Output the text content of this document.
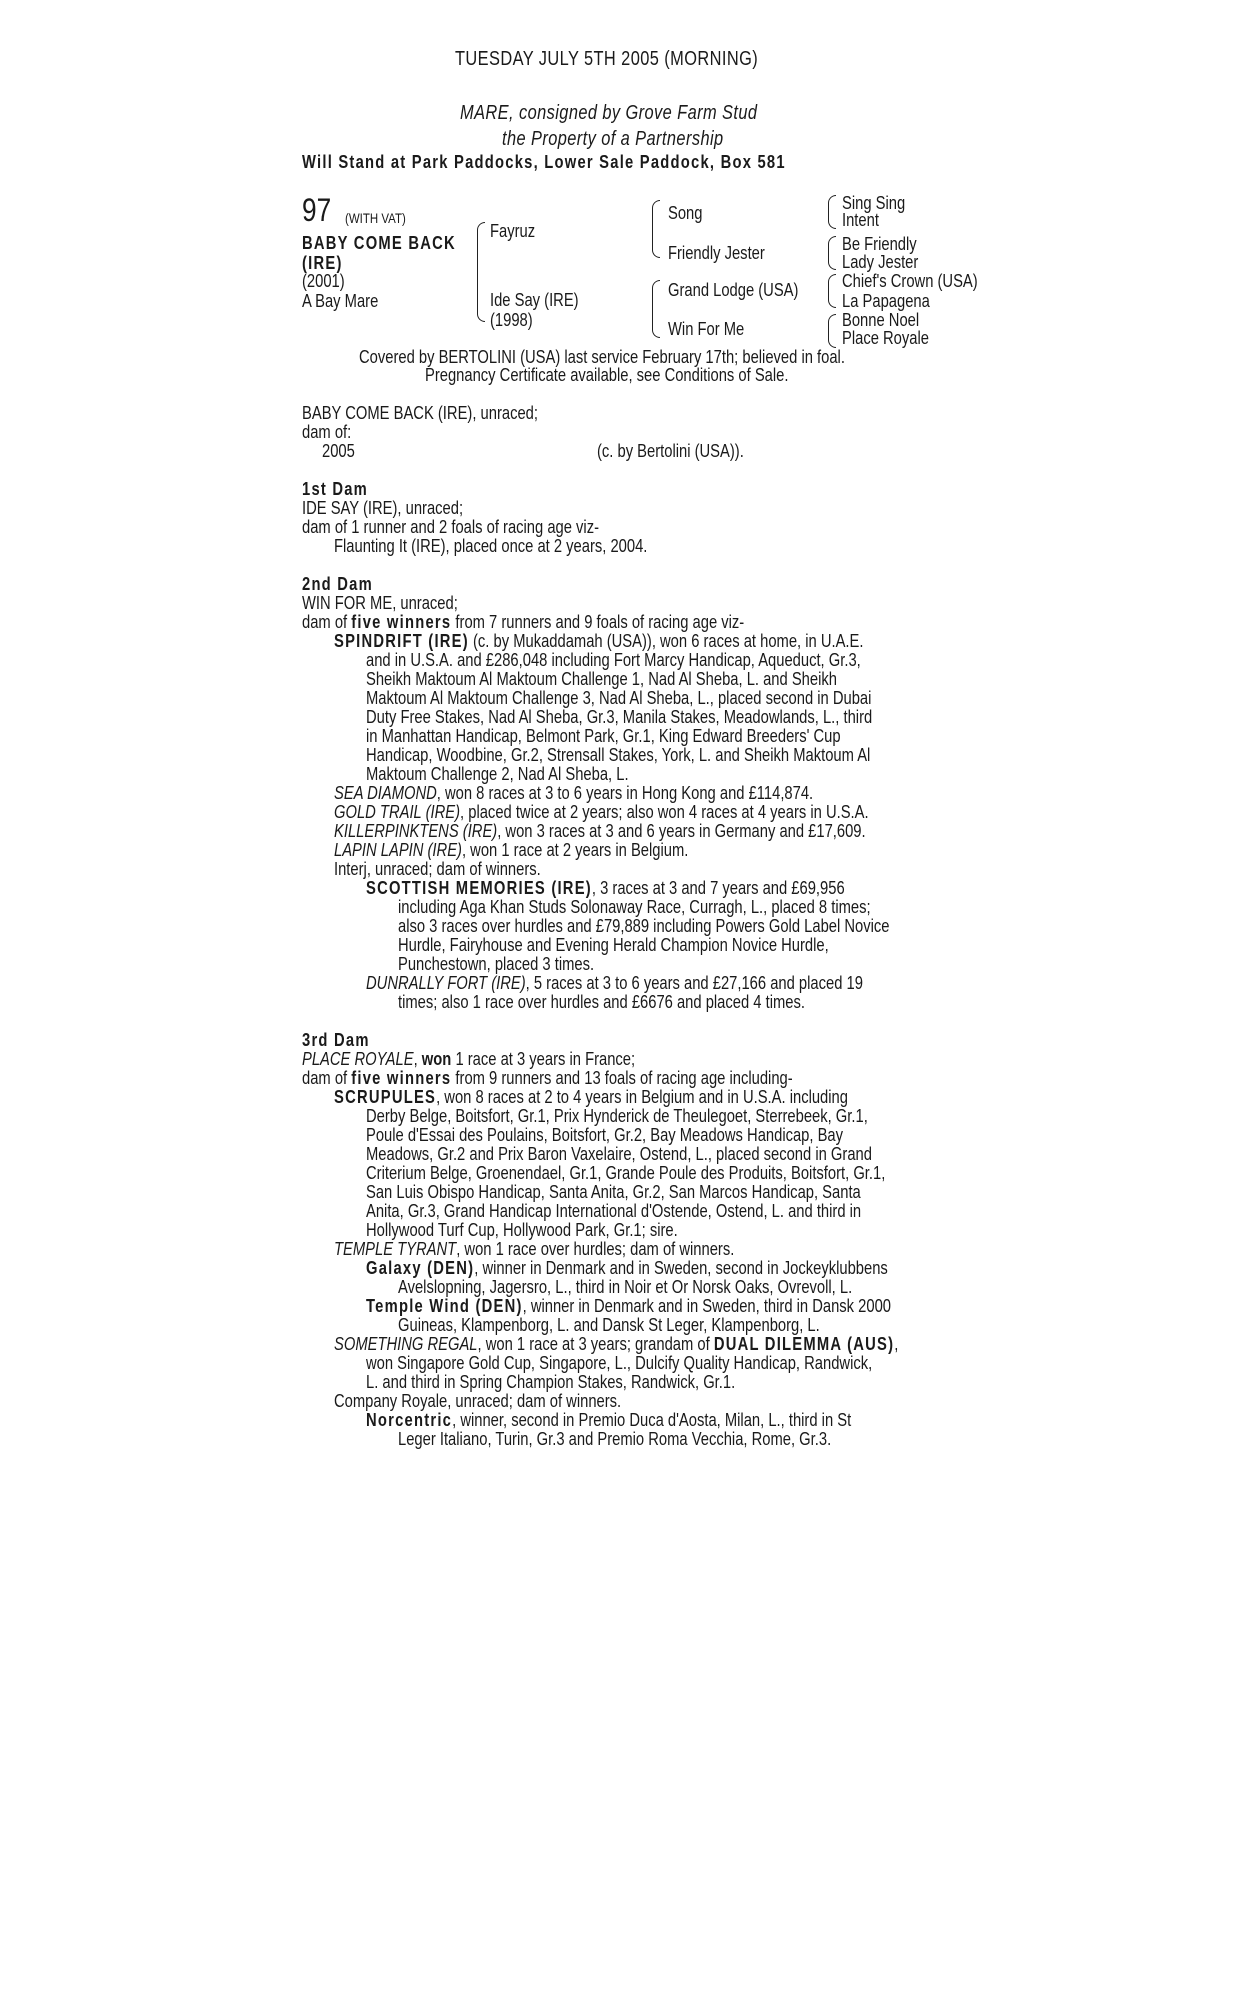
TUESDAY JULY 5TH 2005 (MORNING)
MARE, consigned by Grove Farm Stud
the Property of a Partnership
Will Stand at Park Paddocks, Lower Sale Paddock, Box 581
97 (WITH VAT)
BABY COME BACK
(IRE)
(2001)
A Bay Mare
Fayruz
Ide Say (IRE)
(1998)
Song
Friendly Jester
Grand Lodge (USA)
Win For Me
Sing Sing
Intent
Be Friendly
Lady Jester
Chief's Crown (USA)
La Papagena
Bonne Noel
Place Royale
Covered by BERTOLINI (USA) last service February 17th; believed in foal.
Pregnancy Certificate available, see Conditions of Sale.
BABY COME BACK (IRE), unraced;
dam of:
2005	(c. by Bertolini (USA)).
1st Dam
IDE SAY (IRE), unraced;
dam of 1 runner and 2 foals of racing age viz-
Flaunting It (IRE), placed once at 2 years, 2004.
2nd Dam
WIN FOR ME, unraced;
dam of five winners from 7 runners and 9 foals of racing age viz-
SPINDRIFT (IRE) (c. by Mukaddamah (USA)), won 6 races at home, in U.A.E.
and in U.S.A. and £286,048 including Fort Marcy Handicap, Aqueduct, Gr.3,
Sheikh Maktoum Al Maktoum Challenge 1, Nad Al Sheba, L. and Sheikh
Maktoum Al Maktoum Challenge 3, Nad Al Sheba, L., placed second in Dubai
Duty Free Stakes, Nad Al Sheba, Gr.3, Manila Stakes, Meadowlands, L., third
in Manhattan Handicap, Belmont Park, Gr.1, King Edward Breeders' Cup
Handicap, Woodbine, Gr.2, Strensall Stakes, York, L. and Sheikh Maktoum Al
Maktoum Challenge 2, Nad Al Sheba, L.
SEA DIAMOND, won 8 races at 3 to 6 years in Hong Kong and £114,874.
GOLD TRAIL (IRE), placed twice at 2 years; also won 4 races at 4 years in U.S.A.
KILLERPINKTENS (IRE), won 3 races at 3 and 6 years in Germany and £17,609.
LAPIN LAPIN (IRE), won 1 race at 2 years in Belgium.
Interj, unraced; dam of winners.
SCOTTISH MEMORIES (IRE), 3 races at 3 and 7 years and £69,956
including Aga Khan Studs Solonaway Race, Curragh, L., placed 8 times;
also 3 races over hurdles and £79,889 including Powers Gold Label Novice
Hurdle, Fairyhouse and Evening Herald Champion Novice Hurdle,
Punchestown, placed 3 times.
DUNRALLY FORT (IRE), 5 races at 3 to 6 years and £27,166 and placed 19
times; also 1 race over hurdles and £6676 and placed 4 times.
3rd Dam
PLACE ROYALE, won 1 race at 3 years in France;
dam of five winners from 9 runners and 13 foals of racing age including-
SCRUPULES, won 8 races at 2 to 4 years in Belgium and in U.S.A. including
Derby Belge, Boitsfort, Gr.1, Prix Hynderick de Theulegoet, Sterrebeek, Gr.1,
Poule d'Essai des Poulains, Boitsfort, Gr.2, Bay Meadows Handicap, Bay
Meadows, Gr.2 and Prix Baron Vaxelaire, Ostend, L., placed second in Grand
Criterium Belge, Groenendael, Gr.1, Grande Poule des Produits, Boitsfort, Gr.1,
San Luis Obispo Handicap, Santa Anita, Gr.2, San Marcos Handicap, Santa
Anita, Gr.3, Grand Handicap International d'Ostende, Ostend, L. and third in
Hollywood Turf Cup, Hollywood Park, Gr.1; sire.
TEMPLE TYRANT, won 1 race over hurdles; dam of winners.
Galaxy (DEN), winner in Denmark and in Sweden, second in Jockeyklubbens
Avelslopning, Jagersro, L., third in Noir et Or Norsk Oaks, Ovrevoll, L.
Temple Wind (DEN), winner in Denmark and in Sweden, third in Dansk 2000
Guineas, Klampenborg, L. and Dansk St Leger, Klampenborg, L.
SOMETHING REGAL, won 1 race at 3 years; grandam of DUAL DILEMMA (AUS),
won Singapore Gold Cup, Singapore, L., Dulcify Quality Handicap, Randwick,
L. and third in Spring Champion Stakes, Randwick, Gr.1.
Company Royale, unraced; dam of winners.
Norcentric, winner, second in Premio Duca d'Aosta, Milan, L., third in St
Leger Italiano, Turin, Gr.3 and Premio Roma Vecchia, Rome, Gr.3.
